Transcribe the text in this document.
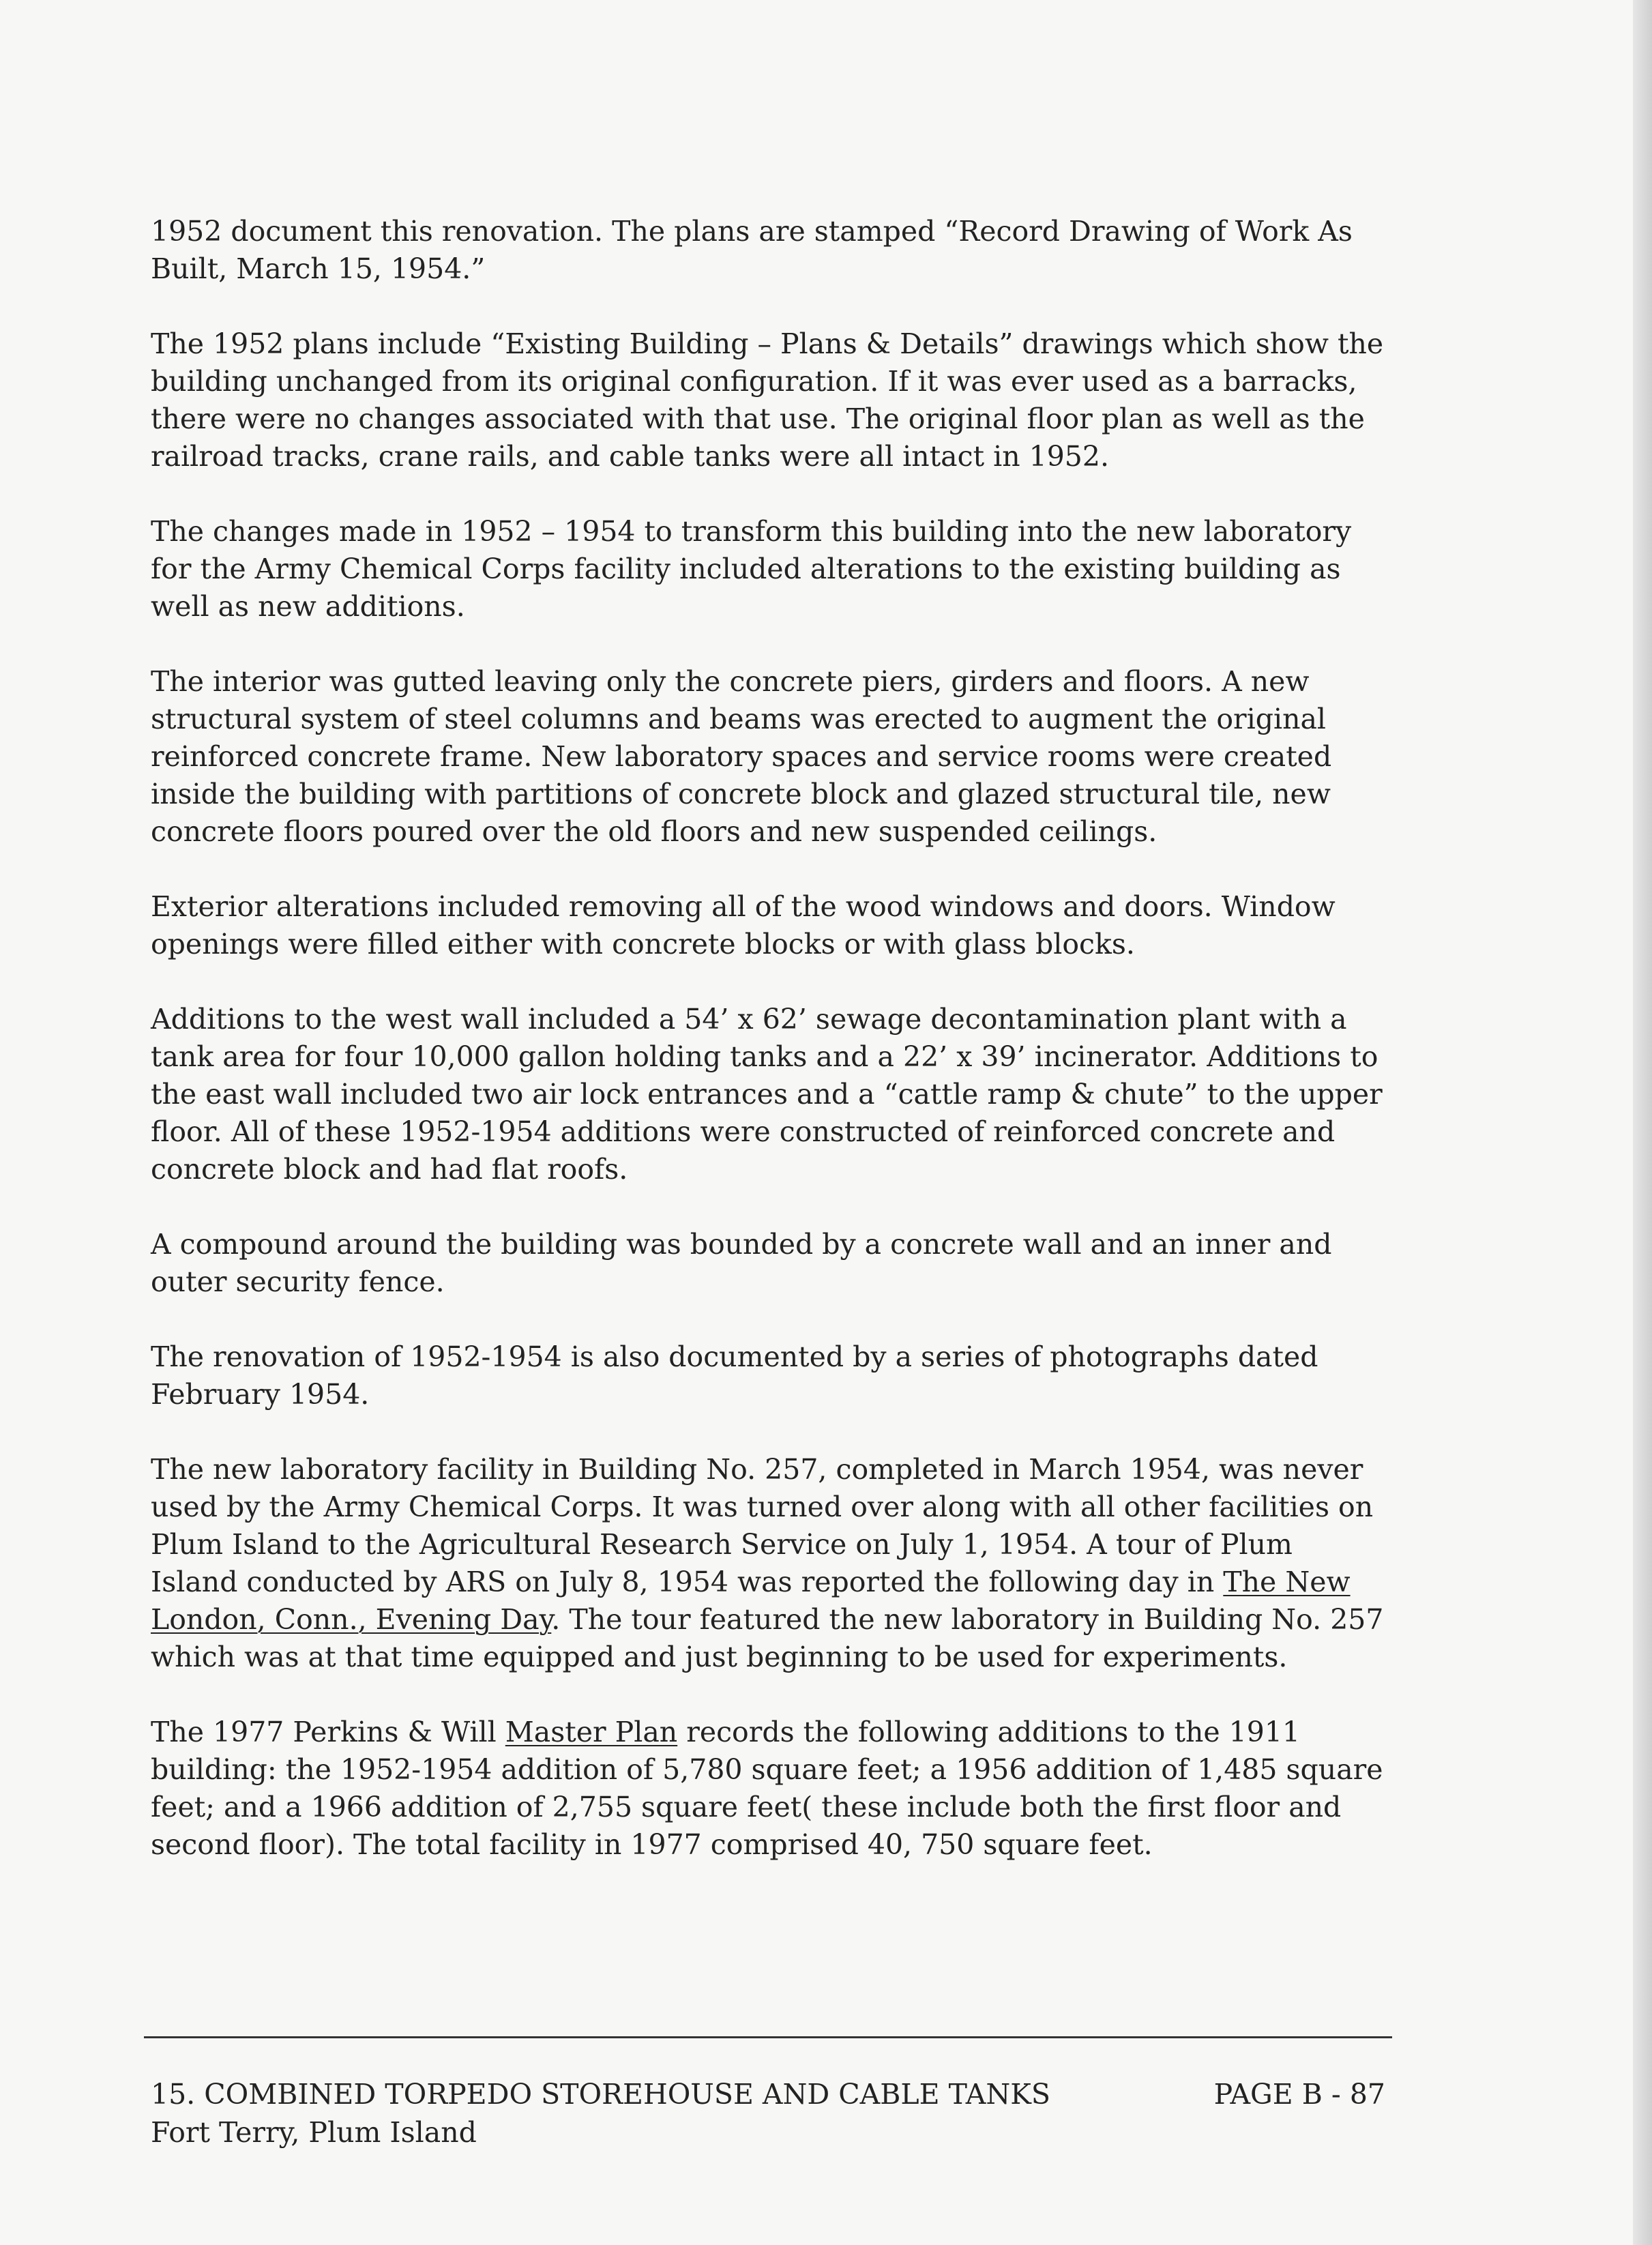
1952 document this renovation. The plans are stamped “Record Drawing of Work As Built, March 15, 1954.”

The 1952 plans include “Existing Building – Plans & Details” drawings which show the building unchanged from its original configuration. If it was ever used as a barracks, there were no changes associated with that use. The original floor plan as well as the railroad tracks, crane rails, and cable tanks were all intact in 1952.

The changes made in 1952 – 1954 to transform this building into the new laboratory for the Army Chemical Corps facility included alterations to the existing building as well as new additions.

The interior was gutted leaving only the concrete piers, girders and floors. A new structural system of steel columns and beams was erected to augment the original reinforced concrete frame. New laboratory spaces and service rooms were created inside the building with partitions of concrete block and glazed structural tile, new concrete floors poured over the old floors and new suspended ceilings.

Exterior alterations included removing all of the wood windows and doors. Window openings were filled either with concrete blocks or with glass blocks.

Additions to the west wall included a 54’ x 62’ sewage decontamination plant with a tank area for four 10,000 gallon holding tanks and a 22’ x 39’ incinerator. Additions to the east wall included two air lock entrances and a “cattle ramp & chute” to the upper floor. All of these 1952-1954 additions were constructed of reinforced concrete and concrete block and had flat roofs.

A compound around the building was bounded by a concrete wall and an inner and outer security fence.

The renovation of 1952-1954 is also documented by a series of photographs dated February 1954.

The new laboratory facility in Building No. 257, completed in March 1954, was never used by the Army Chemical Corps. It was turned over along with all other facilities on Plum Island to the Agricultural Research Service on July 1, 1954. A tour of Plum Island conducted by ARS on July 8, 1954 was reported the following day in The New London, Conn., Evening Day. The tour featured the new laboratory in Building No. 257 which was at that time equipped and just beginning to be used for experiments.

The 1977 Perkins & Will Master Plan records the following additions to the 1911 building: the 1952-1954 addition of 5,780 square feet; a 1956 addition of 1,485 square feet; and a 1966 addition of 2,755 square feet( these include both the first floor and second floor). The total facility in 1977 comprised 40, 750 square feet.

15. COMBINED TORPEDO STOREHOUSE AND CABLE TANKS	PAGE B - 87
Fort Terry, Plum Island
